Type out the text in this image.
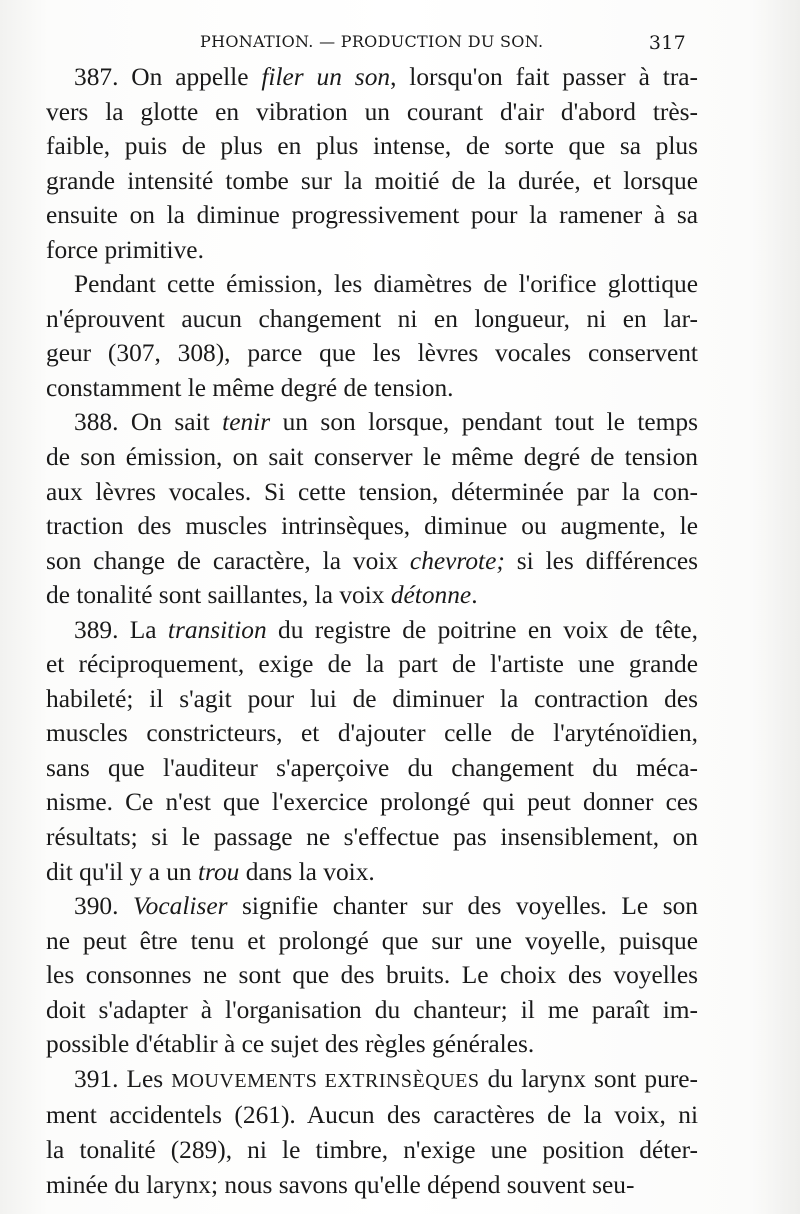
PHONATION. — PRODUCTION DU SON.	317
387. On appelle filer un son, lorsqu'on fait passer à tra-
vers la glotte en vibration un courant d'air d'abord très-
faible, puis de plus en plus intense, de sorte que sa plus
grande intensité tombe sur la moitié de la durée, et lorsque
ensuite on la diminue progressivement pour la ramener à sa
force primitive.
Pendant cette émission, les diamètres de l'orifice glottique
n'éprouvent aucun changement ni en longueur, ni en lar-
geur (307, 308), parce que les lèvres vocales conservent
constamment le même degré de tension.
388. On sait tenir un son lorsque, pendant tout le temps
de son émission, on sait conserver le même degré de tension
aux lèvres vocales. Si cette tension, déterminée par la con-
traction des muscles intrinsèques, diminue ou augmente, le
son change de caractère, la voix chevrote; si les différences
de tonalité sont saillantes, la voix détonne.
389. La transition du registre de poitrine en voix de tête,
et réciproquement, exige de la part de l'artiste une grande
habileté; il s'agit pour lui de diminuer la contraction des
muscles constricteurs, et d'ajouter celle de l'aryténoïdien,
sans que l'auditeur s'aperçoive du changement du méca-
nisme. Ce n'est que l'exercice prolongé qui peut donner ces
résultats; si le passage ne s'effectue pas insensiblement, on
dit qu'il y a un trou dans la voix.
390. Vocaliser signifie chanter sur des voyelles. Le son
ne peut être tenu et prolongé que sur une voyelle, puisque
les consonnes ne sont que des bruits. Le choix des voyelles
doit s'adapter à l'organisation du chanteur; il me paraît im-
possible d'établir à ce sujet des règles générales.
391. Les MOUVEMENTS EXTRINSÈQUES du larynx sont pure-
ment accidentels (261). Aucun des caractères de la voix, ni
la tonalité (289), ni le timbre, n'exige une position déter-
minée du larynx; nous savons qu'elle dépend souvent seu-
